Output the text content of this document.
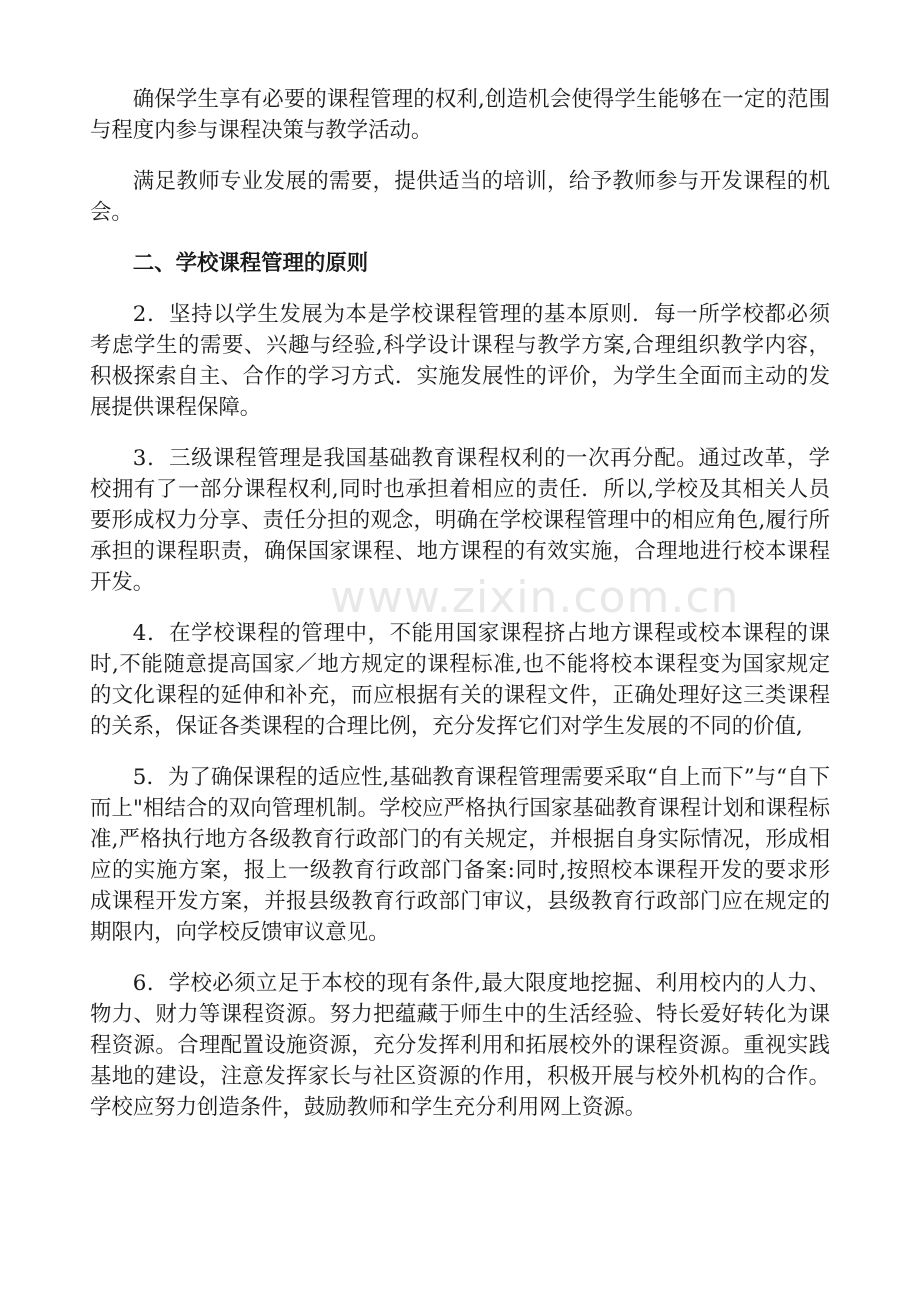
确保学生享有必要的课程管理的权利,创造机会使得学生能够在一定的范围与程度内参与课程决策与教学活动。

满足教师专业发展的需要，提供适当的培训，给予教师参与开发课程的机会。

二、学校课程管理的原则

2．坚持以学生发展为本是学校课程管理的基本原则．每一所学校都必须考虑学生的需要、兴趣与经验,科学设计课程与教学方案,合理组织教学内容，积极探索自主、合作的学习方式．实施发展性的评价，为学生全面而主动的发展提供课程保障。

3．三级课程管理是我国基础教育课程权利的一次再分配。通过改革，学校拥有了一部分课程权利,同时也承担着相应的责任．所以,学校及其相关人员要形成权力分享、责任分担的观念，明确在学校课程管理中的相应角色,履行所承担的课程职责，确保国家课程、地方课程的有效实施，合理地进行校本课程开发。

4．在学校课程的管理中，不能用国家课程挤占地方课程或校本课程的课时,不能随意提高国家／地方规定的课程标准,也不能将校本课程变为国家规定的文化课程的延伸和补充，而应根据有关的课程文件，正确处理好这三类课程的关系，保证各类课程的合理比例，充分发挥它们对学生发展的不同的价值,

5．为了确保课程的适应性,基础教育课程管理需要采取“自上而下”与“自下而上"相结合的双向管理机制。学校应严格执行国家基础教育课程计划和课程标准,严格执行地方各级教育行政部门的有关规定，并根据自身实际情况，形成相应的实施方案，报上一级教育行政部门备案:同时,按照校本课程开发的要求形成课程开发方案，并报县级教育行政部门审议，县级教育行政部门应在规定的期限内，向学校反馈审议意见。

6．学校必须立足于本校的现有条件,最大限度地挖掘、利用校内的人力、物力、财力等课程资源。努力把蕴藏于师生中的生活经验、特长爱好转化为课程资源。合理配置设施资源，充分发挥利用和拓展校外的课程资源。重视实践基地的建设，注意发挥家长与社区资源的作用，积极开展与校外机构的合作。学校应努力创造条件，鼓励教师和学生充分利用网上资源。

www.zixin.com.cn
